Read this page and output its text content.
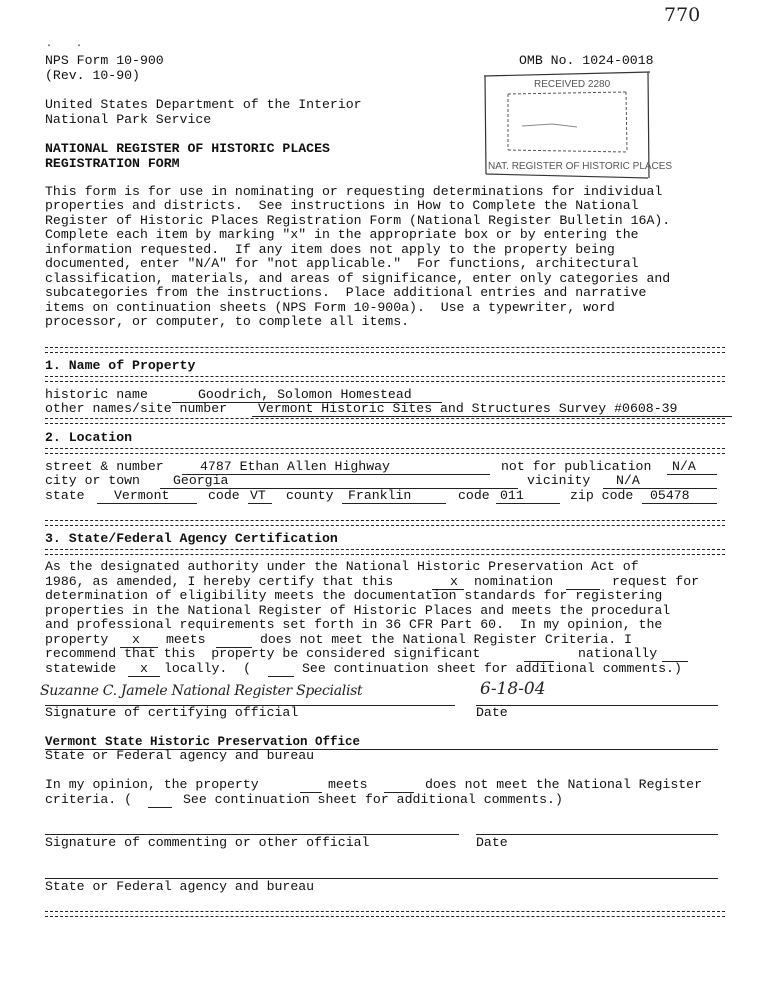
770
.    .
NPS Form 10-900
(Rev. 10-90)
OMB No. 1024-0018
United States Department of the Interior
National Park Service
NATIONAL REGISTER OF HISTORIC PLACES
REGISTRATION FORM
RECEIVED 2280
NAT. REGISTER OF HISTORIC PLACES
This form is for use in nominating or requesting determinations for individual
properties and districts.  See instructions in How to Complete the National
Register of Historic Places Registration Form (National Register Bulletin 16A).
Complete each item by marking "x" in the appropriate box or by entering the
information requested.  If any item does not apply to the property being
documented, enter "N/A" for "not applicable."  For functions, architectural
classification, materials, and areas of significance, enter only categories and
subcategories from the instructions.  Place additional entries and narrative
items on continuation sheets (NPS Form 10-900a).  Use a typewriter, word
processor, or computer, to complete all items.
1. Name of Property
historic name	Goodrich, Solomon Homestead
other names/site number Vermont Historic Sites and Structures Survey #0608-39
2. Location
street & number	4787 Ethan Allen Highway	not for publication N/A
city or town	Georgia	vicinity N/A
state Vermont	code VT county Franklin	code 011	zip code 05478
3. State/Federal Agency Certification
As the designated authority under the National Historic Preservation Act of
1986, as amended, I hereby certify that this	x nomination	request for
determination of eligibility meets the documentation standards for registering
properties in the National Register of Historic Places and meets the procedural
and professional requirements set forth in 36 CFR Part 60.  In my opinion, the
property x meets	does not meet the National Register Criteria. I
recommend that this  property be considered significant	nationally
statewide x locally.  (	See continuation sheet for additional comments.)
Suzanne C. Jamele National Register Specialist	6-18-04
Signature of certifying official	Date
Vermont State Historic Preservation Office
State or Federal agency and bureau
In my opinion, the property	meets	does not meet the National Register
criteria. (	See continuation sheet for additional comments.)
Signature of commenting or other official	Date
State or Federal agency and bureau
